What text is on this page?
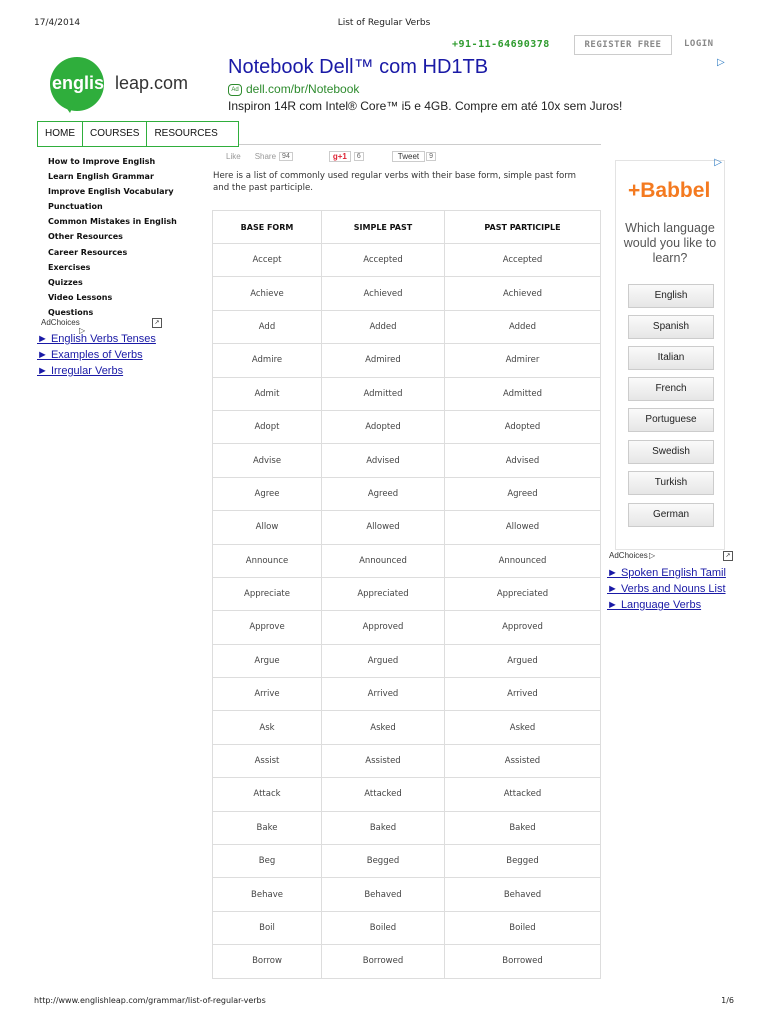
17/4/2014	List of Regular Verbs
http://www.englishleap.com/grammar/list-of-regular-verbs	1/6
+91-11-64690378	REGISTER FREE	LOGIN
englishleap.com
Notebook Dell™ com HD1TB	▷
Ad dell.com/br/Notebook
Inspiron 14R com Intel® Core™ i5 e 4GB. Compre em até 10x sem Juros!
HOME	COURSES	RESOURCES
How to Improve English
Learn English Grammar
Improve English Vocabulary
Punctuation
Common Mistakes in English
Other Resources
Career Resources
Exercises
Quizzes
Video Lessons
Questions
AdChoices
▷
↗
► English Verbs Tenses
► Examples of Verbs
► Irregular Verbs
Like Share 94	g+1	6	Tweet	9
Here is a list of commonly used regular verbs with their base form, simple past form and the past participle.
BASE FORM	SIMPLE PAST	PAST PARTICIPLE
Accept	Accepted	Accepted
Achieve	Achieved	Achieved
Add	Added	Added
Admire	Admired	Admirer
Admit	Admitted	Admitted
Adopt	Adopted	Adopted
Advise	Advised	Advised
Agree	Agreed	Agreed
Allow	Allowed	Allowed
Announce	Announced	Announced
Appreciate	Appreciated	Appreciated
Approve	Approved	Approved
Argue	Argued	Argued
Arrive	Arrived	Arrived
Ask	Asked	Asked
Assist	Assisted	Assisted
Attack	Attacked	Attacked
Bake	Baked	Baked
Beg	Begged	Begged
Behave	Behaved	Behaved
Boil	Boiled	Boiled
Borrow	Borrowed	Borrowed
▷
+Babbel
Which language would you like to learn?
English
Spanish
Italian
French
Portuguese
Swedish
Turkish
German
AdChoices ▷	↗
► Spoken English Tamil
► Verbs and Nouns List
► Language Verbs
